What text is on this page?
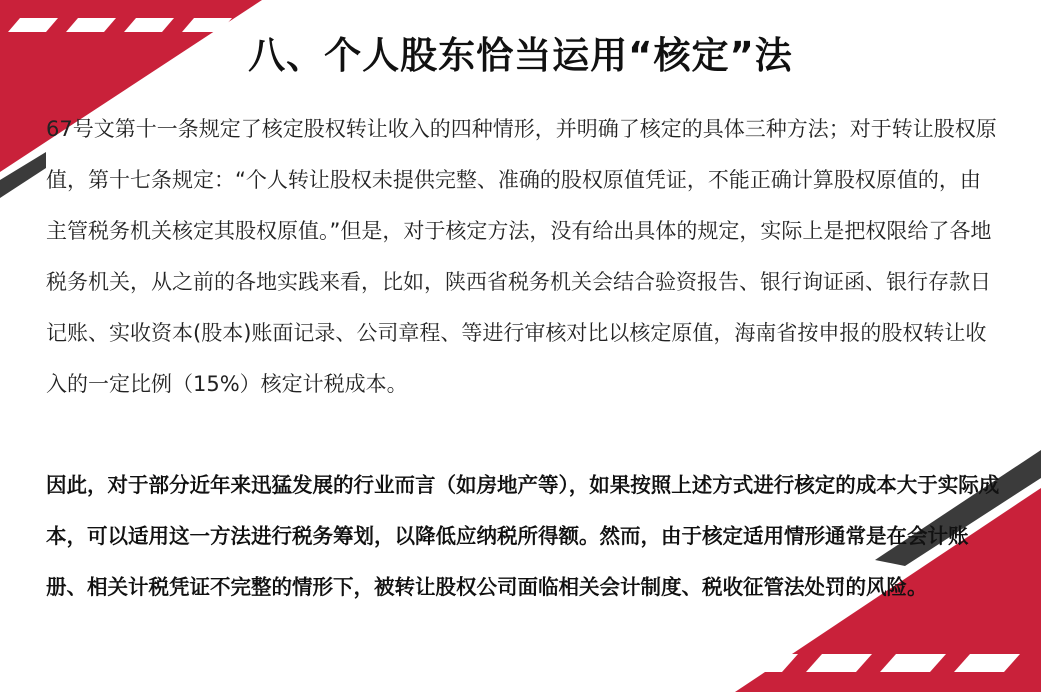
八、个人股东恰当运用“核定”法

67号文第十一条规定了核定股权转让收入的四种情形，并明确了核定的具体三种方法；对于转让股权原值，第十七条规定：“个人转让股权未提供完整、准确的股权原值凭证，不能正确计算股权原值的，由主管税务机关核定其股权原值。”但是，对于核定方法，没有给出具体的规定，实际上是把权限给了各地税务机关，从之前的各地实践来看，比如，陕西省税务机关会结合验资报告、银行询证函、银行存款日记账、实收资本(股本)账面记录、公司章程、等进行审核对比以核定原值，海南省按申报的股权转让收入的一定比例（15%）核定计税成本。

因此，对于部分近年来迅猛发展的行业而言（如房地产等），如果按照上述方式进行核定的成本大于实际成本，可以适用这一方法进行税务筹划，以降低应纳税所得额。然而，由于核定适用情形通常是在会计账册、相关计税凭证不完整的情形下，被转让股权公司面临相关会计制度、税收征管法处罚的风险。
